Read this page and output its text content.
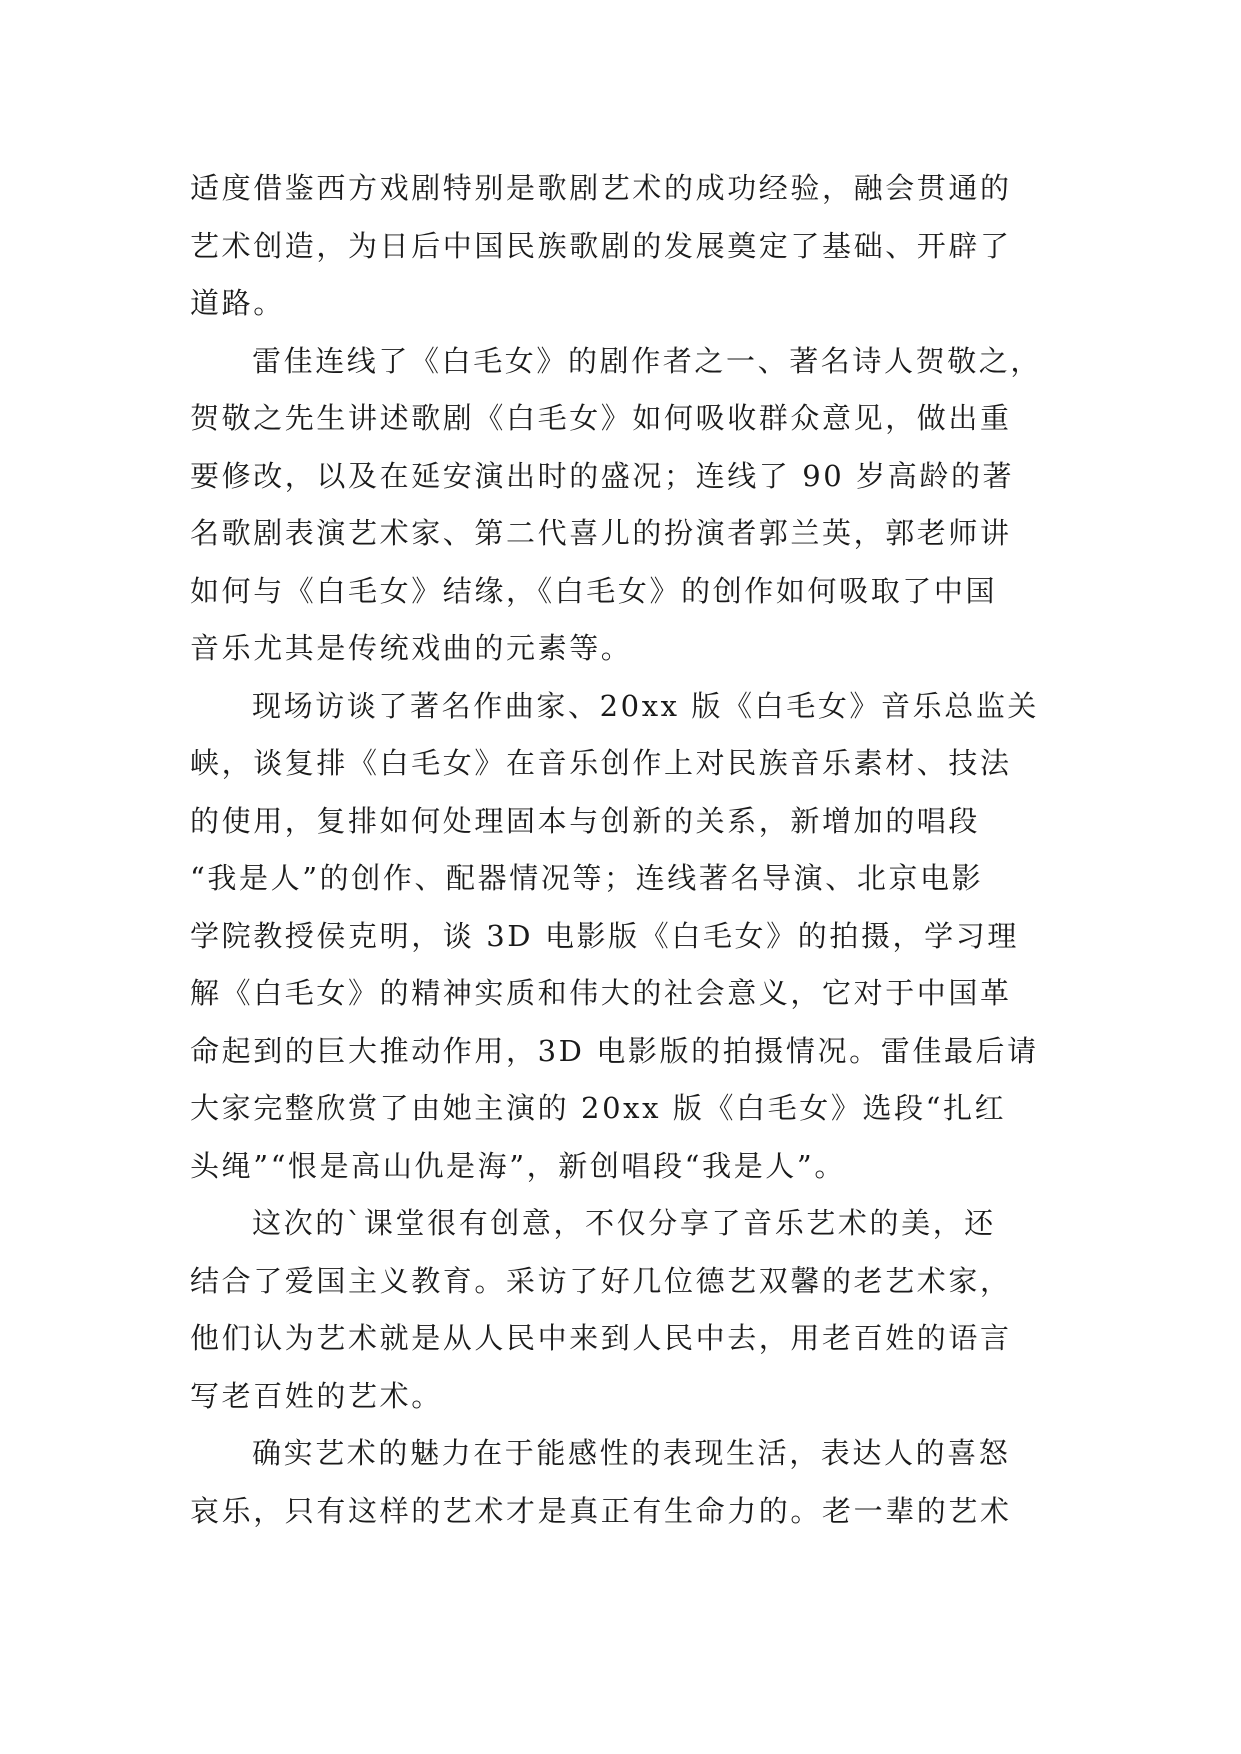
适度借鉴西方戏剧特别是歌剧艺术的成功经验，融会贯通的
艺术创造，为日后中国民族歌剧的发展奠定了基础、开辟了
道路。
雷佳连线了《白毛女》的剧作者之一、著名诗人贺敬之，
贺敬之先生讲述歌剧《白毛女》如何吸收群众意见，做出重
要修改，以及在延安演出时的盛况；连线了 90 岁高龄的著
名歌剧表演艺术家、第二代喜儿的扮演者郭兰英，郭老师讲
如何与《白毛女》结缘，《白毛女》的创作如何吸取了中国
音乐尤其是传统戏曲的元素等。
现场访谈了著名作曲家、20xx 版《白毛女》音乐总监关
峡，谈复排《白毛女》在音乐创作上对民族音乐素材、技法
的使用，复排如何处理固本与创新的关系，新增加的唱段
“我是人”的创作、配器情况等；连线著名导演、北京电影
学院教授侯克明，谈 3D 电影版《白毛女》的拍摄，学习理
解《白毛女》的精神实质和伟大的社会意义，它对于中国革
命起到的巨大推动作用，3D 电影版的拍摄情况。雷佳最后请
大家完整欣赏了由她主演的 20xx 版《白毛女》选段“扎红
头绳”“恨是高山仇是海”，新创唱段“我是人”。
这次的`课堂很有创意，不仅分享了音乐艺术的美，还
结合了爱国主义教育。采访了好几位德艺双馨的老艺术家，
他们认为艺术就是从人民中来到人民中去，用老百姓的语言
写老百姓的艺术。
确实艺术的魅力在于能感性的表现生活，表达人的喜怒
哀乐，只有这样的艺术才是真正有生命力的。老一辈的艺术
